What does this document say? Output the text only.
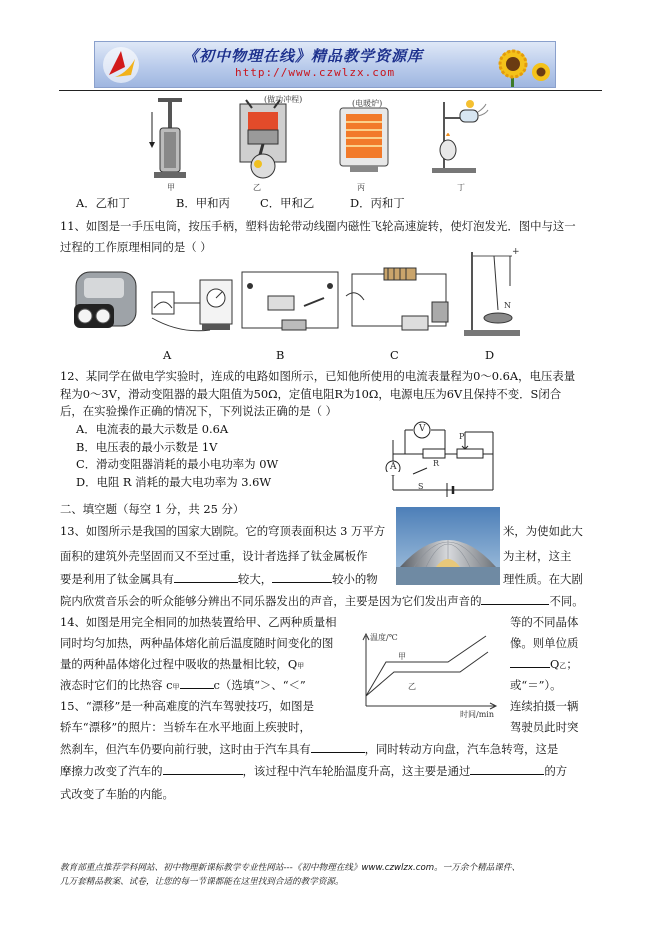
《初中物理在线》精品教学资源库
http://www.czwlzx.com
甲
(做功冲程)
乙
(电暖炉)
丙	丁
A．乙和丁	B．甲和丙	C．甲和乙	D．丙和丁
11、如图是一手压电筒，按压手柄，塑料齿轮带动线圈内磁性飞轮高速旋转，使灯泡发光．图中与这一
过程的工作原理相同的是（ ）	+
N
A	B	C	D
12、某同学在做电学实验时，连成的电路如图所示，已知他所使用的电流表量程为0～0.6A，电压表量
程为0～3V，滑动变阻器的最大阻值为50Ω，定值电阻R为10Ω，电源电压为6V且保持不变．S闭合
后，在实验操作正确的情况下，下列说法正确的是（ ）
A．电流表的最大示数是 0.6A
B．电压表的最小示数是 1V
C．滑动变阻器消耗的最小电功率为 0W
D．电阻 R 消耗的最大电功率为 3.6W
V
A	R
P
S
二、填空题（每空 1 分，共 25 分）
13、如图所示是我国的国家大剧院。它的穹顶表面积达 3 万平方	米，为使如此大
面积的建筑外壳坚固而又不至过重，设计者选择了钛金属板作	为主材，这主
要是利用了钛金属具有	较大，	较小的物	理性质。在大剧
院内欣赏音乐会的听众能够分辨出不同乐器发出的声音，主要是因为它们发出声音的	不同。
14、如图是用完全相同的加热装置给甲、乙两种质量相	等的不同晶体
同时均匀加热，两种晶体熔化前后温度随时间变化的图	像。则单位质
量的两种晶体熔化过程中吸收的热量相比较，Q甲	Q乙；
液态时它们的比热容 c甲	c（选填“＞、“＜”	或“＝”）。
温度/℃
时间/min
甲
乙
15、“漂移”是一种高难度的汽车驾驶技巧，如图是	连续拍摄一辆
轿车“漂移”的照片：当轿车在水平地面上疾驶时，	驾驶员此时突
然刹车，但汽车仍要向前行驶，这时由于汽车具有	，同时转动方向盘，汽车急转弯，这是
摩擦力改变了汽车的	，该过程中汽车轮胎温度升高，这主要是通过	的方
式改变了车胎的内能。
教育部重点推荐学科网站、初中物理新课标教学专业性网站---《初中物理在线》www.czwlzx.com。一万余个精品课件、
几万套精品教案、试卷，让您的每一节课都能在这里找到合适的教学资源。
